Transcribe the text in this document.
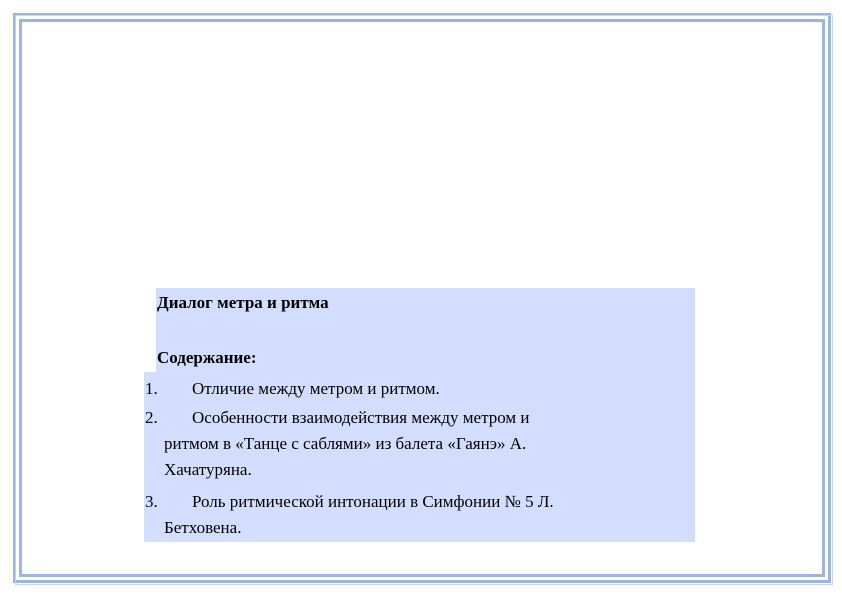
Диалог метра и ритма
Содержание:
1. Отличие между метром и ритмом.
2. Особенности взаимодействия между метром и
ритмом в «Танце с саблями» из балета «Гаянэ» А.
Хачатуряна.
3. Роль ритмической интонации в Симфонии № 5 Л.
Бетховена.
